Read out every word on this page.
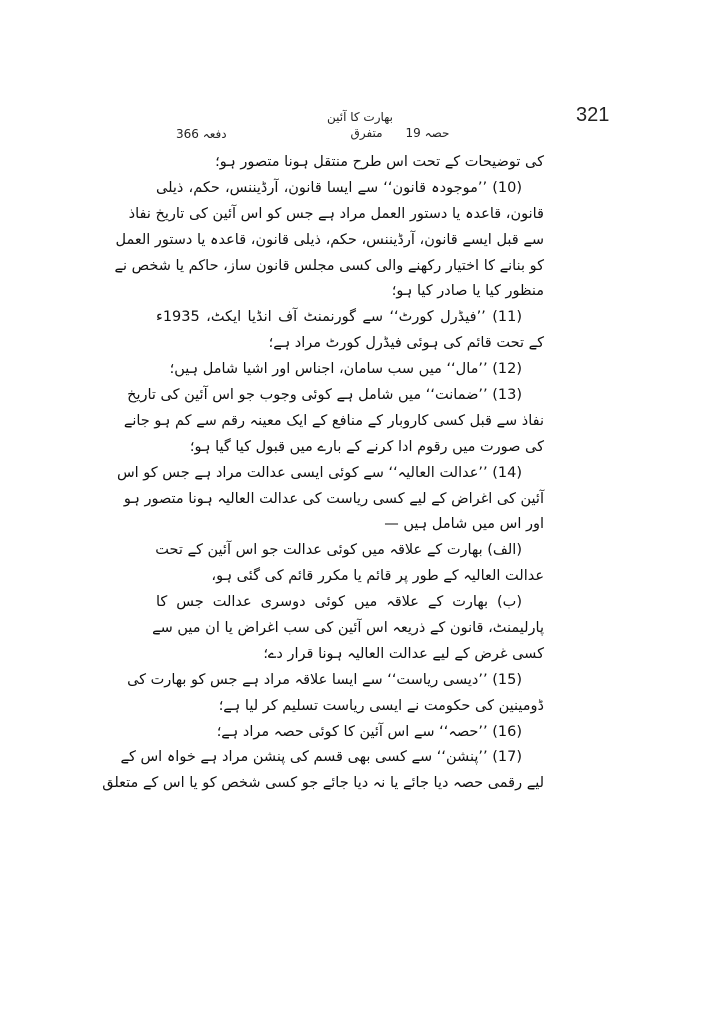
321
بھارت کا آئین
حصہ 19      متفرق
دفعہ 366
کی توضیحات کے تحت اس طرح منتقل ہونا متصور ہو؛
(10) ’’موجودہ قانون‘‘ سے ایسا قانون، آرڈیننس، حکم، ذیلی
قانون، قاعدہ یا دستور العمل مراد ہے جس کو اس آئین کی تاریخ نفاذ
سے قبل ایسے قانون، آرڈیننس، حکم، ذیلی قانون، قاعدہ یا دستور العمل
کو بنانے کا اختیار رکھنے والی کسی مجلس قانون ساز، حاکم یا شخص نے
منظور کیا یا صادر کیا ہو؛
(11) ’’فیڈرل کورٹ‘‘ سے گورنمنٹ آف انڈیا ایکٹ، 1935ء
کے تحت قائم کی ہوئی فیڈرل کورٹ مراد ہے؛
(12) ’’مال‘‘ میں سب سامان، اجناس اور اشیا شامل ہیں؛
(13) ’’ضمانت‘‘ میں شامل ہے کوئی وجوب جو اس آئین کی تاریخ
نفاذ سے قبل کسی کاروبار کے منافع کے ایک معینہ رقم سے کم ہو جانے
کی صورت میں رقوم ادا کرنے کے بارے میں قبول کیا گیا ہو؛
(14) ’’عدالت العالیہ‘‘ سے کوئی ایسی عدالت مراد ہے جس کو اس
آئین کی اغراض کے لیے کسی ریاست کی عدالت العالیہ ہونا متصور ہو
اور اس میں شامل ہیں —
(الف) بھارت کے علاقہ میں کوئی عدالت جو اس آئین کے تحت
عدالت العالیہ کے طور پر قائم یا مکرر قائم کی گئی ہو،
(ب) بھارت کے علاقہ میں کوئی دوسری عدالت جس کا
پارلیمنٹ، قانون کے ذریعہ اس آئین کی سب اغراض یا ان میں سے
کسی غرض کے لیے عدالت العالیہ ہونا قرار دے؛
(15) ’’دیسی ریاست‘‘ سے ایسا علاقہ مراد ہے جس کو بھارت کی
ڈومینین کی حکومت نے ایسی ریاست تسلیم کر لیا ہے؛
(16) ’’حصہ‘‘ سے اس آئین کا کوئی حصہ مراد ہے؛
(17) ’’پنشن‘‘ سے کسی بھی قسم کی پنشن مراد ہے خواہ اس کے
لیے رقمی حصہ دیا جائے یا نہ دیا جائے جو کسی شخص کو یا اس کے متعلق
